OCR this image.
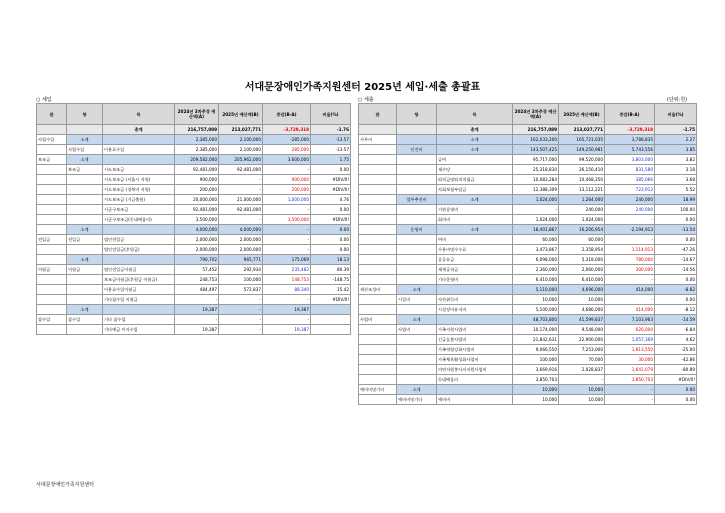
서대문장애인가족지원센터 2025년 세입·세출 총괄표
○ 세입	○ 세출	(단위:원)
관	항	목	2024년 3차추경 예산액(A)	2025년 예산액(B)	증감(B-A)	비율(%)
		총계	216,757,089	213,027,771	-3,729,318	-1.76
사업수입	소계		2,385,000	2,100,000	-285,000	-13.57
	사업수입	이용료수입	2,385,000	2,100,000	285,000	-13.57
보조금	소계		209,582,000	205,962,000	3,600,000	1.75
	보조금	시도보조금	92,481,000	92,481,000	-	0.00
		시도보조금 (서울시 지원)	900,000	-	900,000	#DIV/0!
		시도보조금 (경북비 지원)	200,000	-	200,000	#DIV/0!
		시도보조금 (기금출원)	20,000,000	21,000,000	1,000,000	4.76
		시군구보조금	92,481,000	92,481,000	-	0.00
		시군구보조금(동네배움터)	3,500,000	-	3,500,000	#DIV/0!
	소계		4,000,000	4,000,000	-	0.00
전입금	전입금	법인전입금	2,000,000	2,000,000	-	0.00
		법인전입금(후원금)	2,000,000	2,000,000	-	0.00
	소계		790,702	965,771	175,069	18.13
이월금	이월금	법인전입금이월금	57,452	292,934	235,482	80.39
		보조금이월금(후원금 이월금)	248,753	100,000	148,753	-148.75
		이용료수입이월금	484,497	572,837	88,340	15.42
		기타잡수입 이월금	-	-	-	#DIV/0!
	소계		19,387	-	19,387	
잡수입	잡수입	기타 잡수입	-	-	-	
		기타예금 이자수입	19,387	-	19,387	
관	항	목	2024년 3차추경 예산액(A)	2025년 예산액(B)	증감(B-A)	비율(%)
		총계	216,757,089	213,027,771	-3,729,318	-1.75
사무비		소계	162,033,200	165,721,035	3,788,835	2.27
	인건비	소계	143,507,425	149,250,981	5,743,556	3.85
		급여	95,717,000	99,520,000	3,803,000	3.82
		제수당	25,318,830	26,150,410	831,580	3.18
		퇴직금및퇴직적립금	10,083,284	10,468,350	385,066	3.68
		사회보험부담금	12,388,309	13,112,221	723,912	5.52
	업무추진비	소계	1,024,000	1,264,000	240,000	18.99
		기관운영비	-	240,000	240,000	100.00
		회의비	1,024,000	1,024,000	-	0.00
	운영비	소계	18,401,867	16,206,954	-2,194,913	-13.54
		여비	60,000	60,000	-	0.00
		수용비및수수료	3,473,867	2,358,954	1,114,913	-47.26
		공공요금	6,098,000	5,318,000	780,000	-14.67
		제세공과금	2,360,000	2,060,000	300,000	-14.56
		기타운영비	6,410,000	6,410,000	-	0.00
재산조성비	소계		5,110,000	4,696,000	414,000	-8.82
	시설비	자산취득비	10,000	10,000	-	0.00
		시설장비유지비	5,100,000	4,686,000	414,000	-8.12
사업비	소계		48,703,800	41,599,837	7,103,963	-14.59
	사업비	가족지원사업비	10,174,000	9,548,000	626,000	-6.84
		긴급돌봄사업비	21,842,631	22,900,000	1,057,369	4.62
		가족역량강화사업비	9,066,550	7,253,000	1,813,550	-25.00
		가족체육활성화사업비	100,000	70,000	30,000	-42.86
		의연자원봉사자지원사업비	3,669,916	2,028,837	1,641,079	-80.89
		동네배움터	3,850,703	-	3,850,703	#DIV/0!
예비비및기타	소계		10,000	10,000	-	0.00
	예비비및기타	예비비	10,000	10,000	-	0.00
서대문장애인가족지원센터
